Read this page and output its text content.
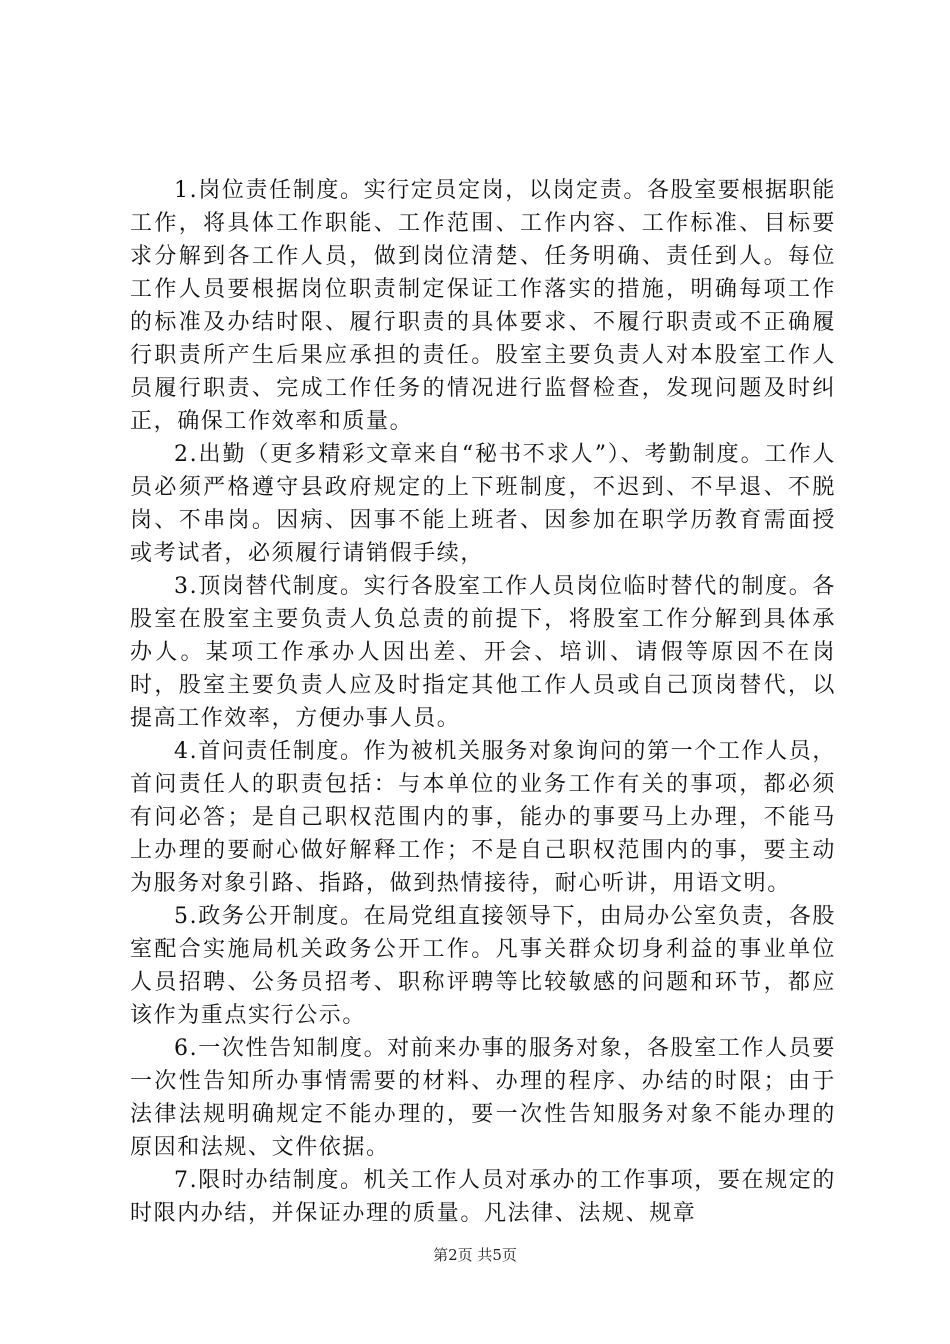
1.岗位责任制度。实行定员定岗，以岗定责。各股室要根据职能工作，将具体工作职能、工作范围、工作内容、工作标准、目标要求分解到各工作人员，做到岗位清楚、任务明确、责任到人。每位工作人员要根据岗位职责制定保证工作落实的措施，明确每项工作的标准及办结时限、履行职责的具体要求、不履行职责或不正确履行职责所产生后果应承担的责任。股室主要负责人对本股室工作人员履行职责、完成工作任务的情况进行监督检查，发现问题及时纠正，确保工作效率和质量。

2.出勤（更多精彩文章来自“秘书不求人”）、考勤制度。工作人员必须严格遵守县政府规定的上下班制度，不迟到、不早退、不脱岗、不串岗。因病、因事不能上班者、因参加在职学历教育需面授或考试者，必须履行请销假手续，

3.顶岗替代制度。实行各股室工作人员岗位临时替代的制度。各股室在股室主要负责人负总责的前提下，将股室工作分解到具体承办人。某项工作承办人因出差、开会、培训、请假等原因不在岗时，股室主要负责人应及时指定其他工作人员或自己顶岗替代，以提高工作效率，方便办事人员。

4.首问责任制度。作为被机关服务对象询问的第一个工作人员，首问责任人的职责包括：与本单位的业务工作有关的事项，都必须有问必答；是自己职权范围内的事，能办的事要马上办理，不能马上办理的要耐心做好解释工作；不是自己职权范围内的事，要主动为服务对象引路、指路，做到热情接待，耐心听讲，用语文明。

5.政务公开制度。在局党组直接领导下，由局办公室负责，各股室配合实施局机关政务公开工作。凡事关群众切身利益的事业单位人员招聘、公务员招考、职称评聘等比较敏感的问题和环节，都应该作为重点实行公示。

6.一次性告知制度。对前来办事的服务对象，各股室工作人员要一次性告知所办事情需要的材料、办理的程序、办结的时限；由于法律法规明确规定不能办理的，要一次性告知服务对象不能办理的原因和法规、文件依据。

7.限时办结制度。机关工作人员对承办的工作事项，要在规定的时限内办结，并保证办理的质量。凡法律、法规、规章

第2页 共5页
